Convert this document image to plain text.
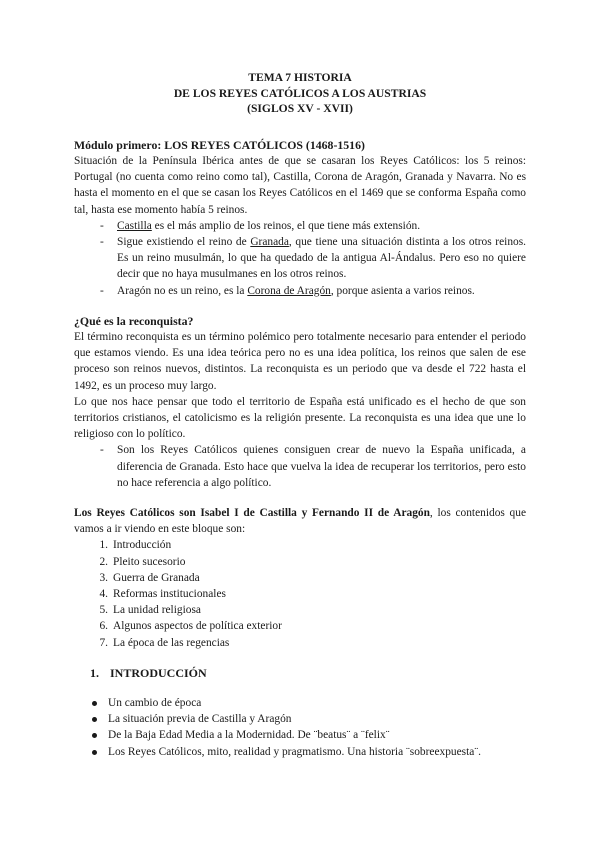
TEMA 7 HISTORIA
DE LOS REYES CATÓLICOS A LOS AUSTRIAS
(SIGLOS XV - XVII)
Módulo primero: LOS REYES CATÓLICOS (1468-1516)

Situación de la Península Ibérica antes de que se casaran los Reyes Católicos: los 5 reinos: Portugal (no cuenta como reino como tal), Castilla, Corona de Aragón, Granada y Navarra. No es hasta el momento en el que se casan los Reyes Católicos en el 1469 que se conforma España como tal, hasta ese momento había 5 reinos.

- Castilla es el más amplio de los reinos, el que tiene más extensión.
- Sigue existiendo el reino de Granada, que tiene una situación distinta a los otros reinos. Es un reino musulmán, lo que ha quedado de la antigua Al-Ándalus. Pero eso no quiere decir que no haya musulmanes en los otros reinos.
- Aragón no es un reino, es la Corona de Aragón, porque asienta a varios reinos.
¿Qué es la reconquista?

El término reconquista es un término polémico pero totalmente necesario para entender el periodo que estamos viendo. Es una idea teórica pero no es una idea política, los reinos que salen de ese proceso son reinos nuevos, distintos. La reconquista es un periodo que va desde el 722 hasta el 1492, es un proceso muy largo.

Lo que nos hace pensar que todo el territorio de España está unificado es el hecho de que son territorios cristianos, el catolicismo es la religión presente. La reconquista es una idea que une lo religioso con lo político.

- Son los Reyes Católicos quienes consiguen crear de nuevo la España unificada, a diferencia de Granada. Esto hace que vuelva la idea de recuperar los territorios, pero esto no hace referencia a algo político.

Los Reyes Católicos son Isabel I de Castilla y Fernando II de Aragón, los contenidos que vamos a ir viendo en este bloque son:

1. Introducción
2. Pleito sucesorio
3. Guerra de Granada
4. Reformas institucionales
5. La unidad religiosa
6. Algunos aspectos de política exterior
7. La época de las regencias
1. INTRODUCCIÓN
Un cambio de época
La situación previa de Castilla y Aragón
De la Baja Edad Media a la Modernidad. De ¨beatus¨ a ¨felix¨
Los Reyes Católicos, mito, realidad y pragmatismo. Una historia ¨sobreexpuesta¨.
